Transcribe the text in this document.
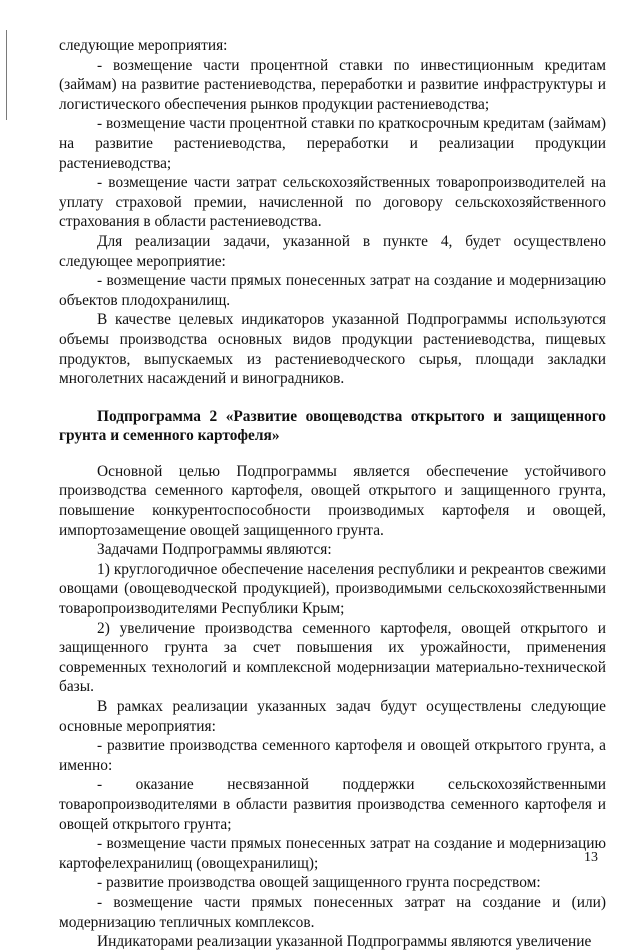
следующие мероприятия:

- возмещение части процентной ставки по инвестиционным кредитам (займам) на развитие растениеводства, переработки и развитие инфраструктуры и логистического обеспечения рынков продукции растениеводства;

- возмещение части процентной ставки по краткосрочным кредитам (займам) на развитие растениеводства, переработки и реализации продукции растениеводства;

- возмещение части затрат сельскохозяйственных товаропроизводителей на уплату страховой премии, начисленной по договору сельскохозяйственного страхования в области растениеводства.

Для реализации задачи, указанной в пункте 4, будет осуществлено следующее мероприятие:

- возмещение части прямых понесенных затрат на создание и модернизацию объектов плодохранилищ.

В качестве целевых индикаторов указанной Подпрограммы используются объемы производства основных видов продукции растениеводства, пищевых продуктов, выпускаемых из растениеводческого сырья, площади закладки многолетних насаждений и виноградников.

Подпрограмма 2 «Развитие овощеводства открытого и защищенного грунта и семенного картофеля»

Основной целью Подпрограммы является обеспечение устойчивого производства семенного картофеля, овощей открытого и защищенного грунта, повышение конкурентоспособности производимых картофеля и овощей, импортозамещение овощей защищенного грунта.

Задачами Подпрограммы являются:

1) круглогодичное обеспечение населения республики и рекреантов свежими овощами (овощеводческой продукцией), производимыми сельскохозяйственными товаропроизводителями Республики Крым;

2) увеличение производства семенного картофеля, овощей открытого и защищенного грунта за счет повышения их урожайности, применения современных технологий и комплексной модернизации материально-технической базы.

В рамках реализации указанных задач будут осуществлены следующие основные мероприятия:

- развитие производства семенного картофеля и овощей открытого грунта, а именно:

- оказание несвязанной поддержки сельскохозяйственными товаропроизводителями в области развития производства семенного картофеля и овощей открытого грунта;

- возмещение части прямых понесенных затрат на создание и модернизацию картофелехранилищ (овощехранилищ);

- развитие производства овощей защищенного грунта посредством:

- возмещение части прямых понесенных затрат на создание и (или) модернизацию тепличных комплексов.

Индикаторами реализации указанной Подпрограммы являются увеличение

13
